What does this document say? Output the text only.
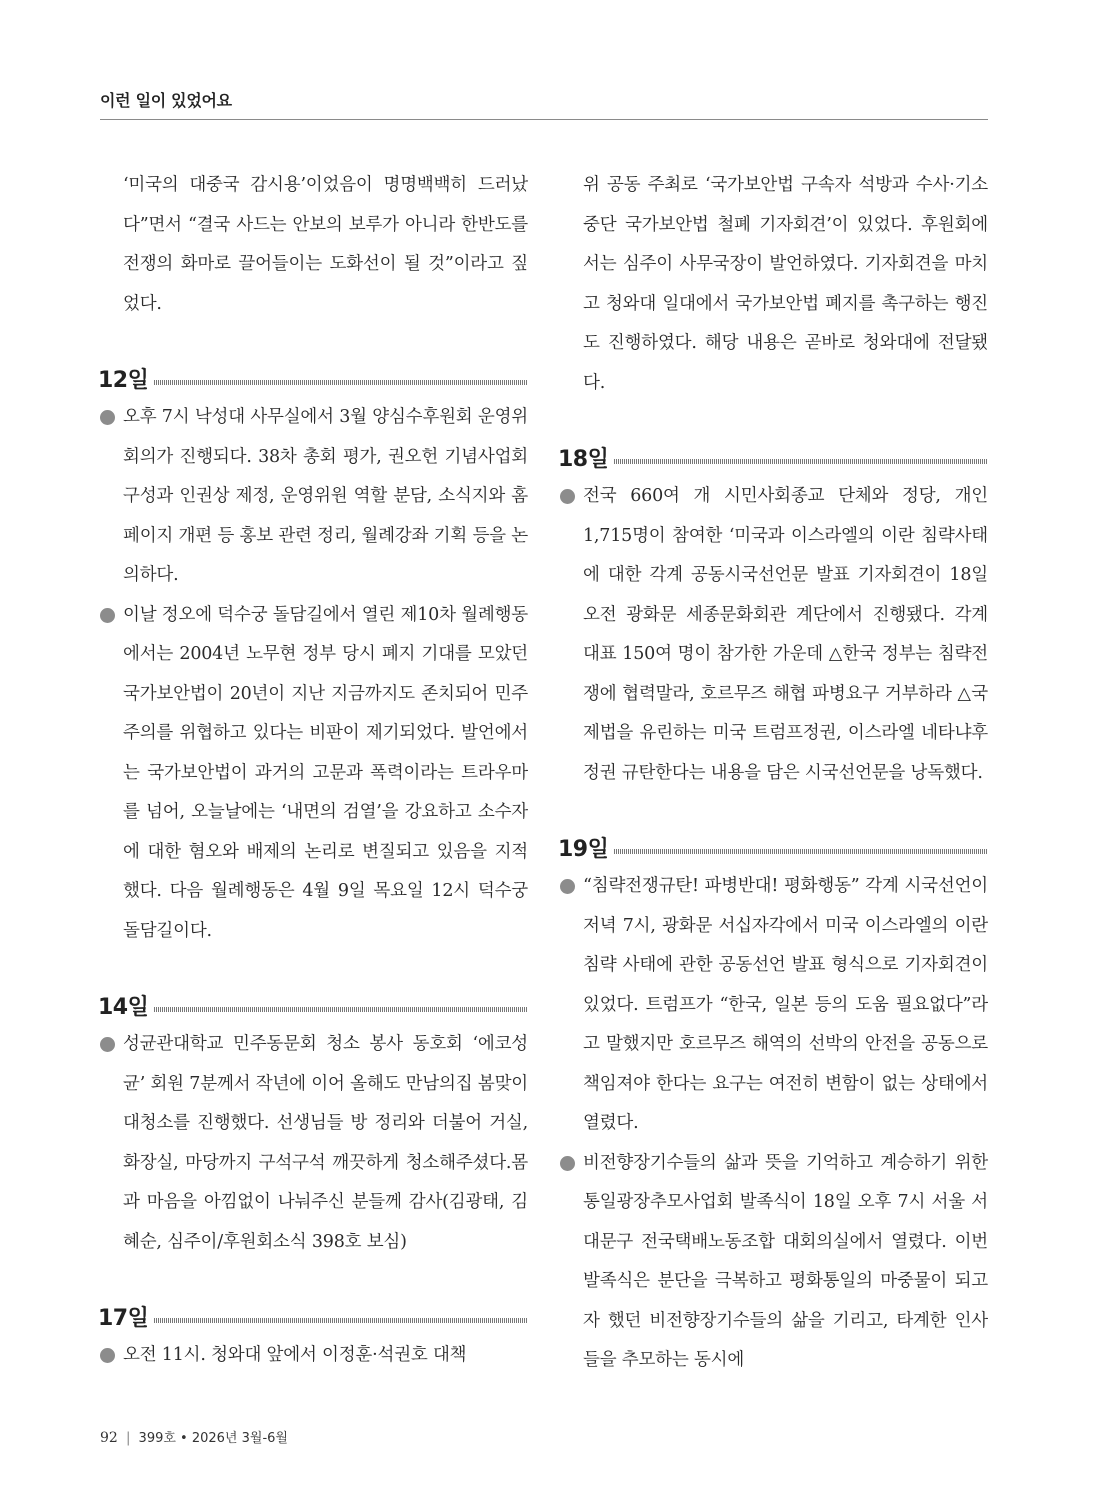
이런 일이 있었어요

‘미국의 대중국 감시용’이었음이 명명백백히 드러났다”면서 “결국 사드는 안보의 보루가 아니라 한반도를 전쟁의 화마로 끌어들이는 도화선이 될 것”이라고 짚었다.

12일

오후 7시 낙성대 사무실에서 3월 양심수후원회 운영위 회의가 진행되다. 38차 총회 평가, 권오헌 기념사업회 구성과 인권상 제정, 운영위원 역할 분담, 소식지와 홈페이지 개편 등 홍보 관련 정리, 월례강좌 기획 등을 논의하다.

이날 정오에 덕수궁 돌담길에서 열린 제10차 월례행동에서는 2004년 노무현 정부 당시 폐지 기대를 모았던 국가보안법이 20년이 지난 지금까지도 존치되어 민주주의를 위협하고 있다는 비판이 제기되었다. 발언에서는 국가보안법이 과거의 고문과 폭력이라는 트라우마를 넘어, 오늘날에는 ‘내면의 검열’을 강요하고 소수자에 대한 혐오와 배제의 논리로 변질되고 있음을 지적했다. 다음 월례행동은 4월 9일 목요일 12시 덕수궁 돌담길이다.

14일

성균관대학교 민주동문회 청소 봉사 동호회 ‘에코성균’ 회원 7분께서 작년에 이어 올해도 만남의집 봄맞이 대청소를 진행했다. 선생님들 방 정리와 더불어 거실, 화장실, 마당까지 구석구석 깨끗하게 청소해주셨다.몸과 마음을 아낌없이 나눠주신 분들께 감사(김광태, 김혜순, 심주이/후원회소식 398호 보심)

17일

오전 11시. 청와대 앞에서 이정훈·석권호 대책

위 공동 주최로 ‘국가보안법 구속자 석방과 수사·기소 중단 국가보안법 철폐 기자회견’이 있었다. 후원회에서는 심주이 사무국장이 발언하였다. 기자회견을 마치고 청와대 일대에서 국가보안법 폐지를 촉구하는 행진도 진행하였다. 해당 내용은 곧바로 청와대에 전달됐다.

18일

전국 660여 개 시민사회종교 단체와 정당, 개인 1,715명이 참여한 ‘미국과 이스라엘의 이란 침략사태에 대한 각계 공동시국선언문 발표 기자회견이 18일 오전 광화문 세종문화회관 계단에서 진행됐다. 각계 대표 150여 명이 참가한 가운데 △한국 정부는 침략전쟁에 협력말라, 호르무즈 해협 파병요구 거부하라 △국제법을 유린하는 미국 트럼프정권, 이스라엘 네타냐후정권 규탄한다는 내용을 담은 시국선언문을 낭독했다.

19일

“침략전쟁규탄! 파병반대! 평화행동” 각계 시국선언이 저녁 7시, 광화문 서십자각에서 미국 이스라엘의 이란침략 사태에 관한 공동선언 발표 형식으로 기자회견이 있었다. 트럼프가 “한국, 일본 등의 도움 필요없다”라고 말했지만 호르무즈 해역의 선박의 안전을 공동으로 책임져야 한다는 요구는 여전히 변함이 없는 상태에서 열렸다.

비전향장기수들의 삶과 뜻을 기억하고 계승하기 위한 통일광장추모사업회 발족식이 18일 오후 7시 서울 서대문구 전국택배노동조합 대회의실에서 열렸다. 이번 발족식은 분단을 극복하고 평화통일의 마중물이 되고자 했던 비전향장기수들의 삶을 기리고, 타계한 인사들을 추모하는 동시에

92 | 399호 • 2026년 3월-6월
